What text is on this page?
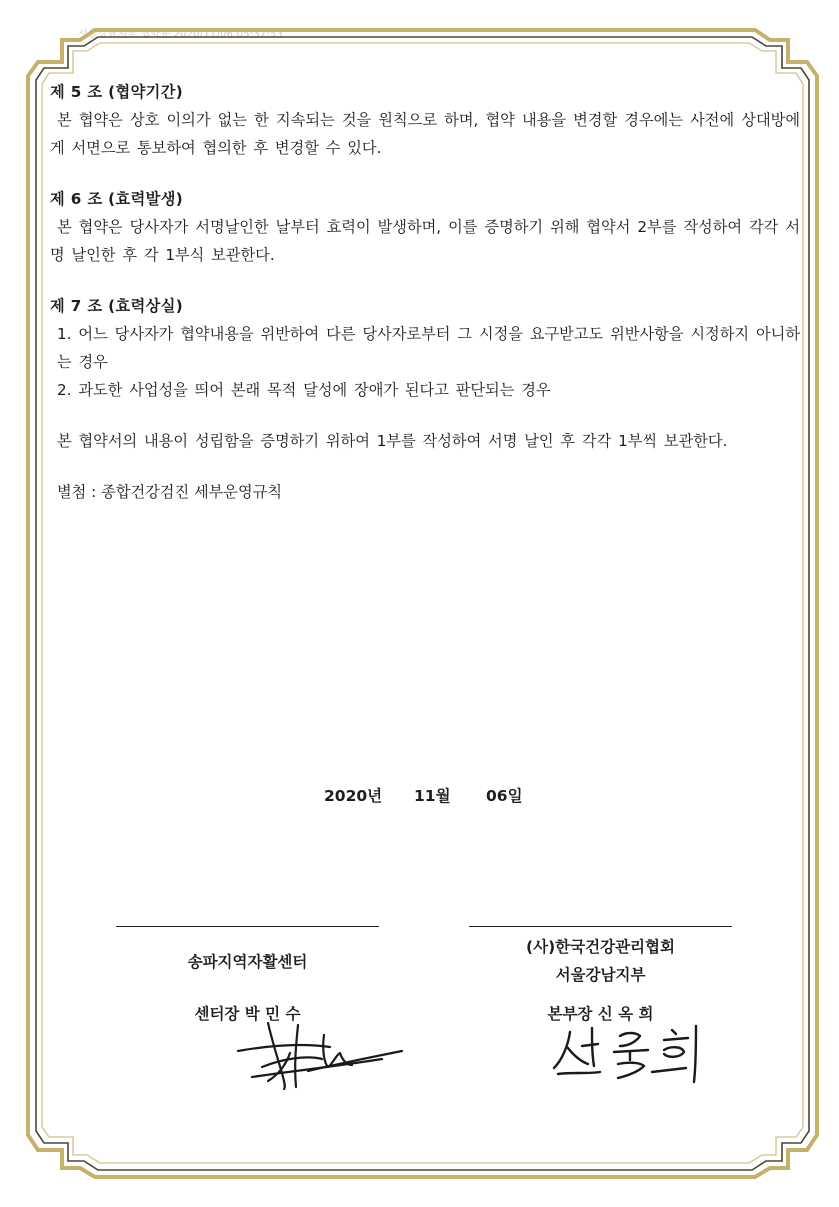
서울강남지부 협약용 2020/11/06 05:37:53
제 5 조 (협약기간)
본 협약은 상호 이의가 없는 한 지속되는 것을 원칙으로 하며, 협약 내용을 변경할 경우에는 사전에 상대방에게 서면으로 통보하여 협의한 후 변경할 수 있다.
제 6 조 (효력발생)
본 협약은 당사자가 서명날인한 날부터 효력이 발생하며, 이를 증명하기 위해 협약서 2부를 작성하여 각각 서명 날인한 후 각 1부식 보관한다.
제 7 조 (효력상실)
1. 어느 당사자가 협약내용을 위반하여 다른 당사자로부터 그 시정을 요구받고도 위반사항을 시정하지 아니하는 경우
2. 과도한 사업성을 띄어 본래 목적 달성에 장애가 된다고 판단되는 경우
본 협약서의 내용이 성립함을 증명하기 위하여 1부를 작성하여 서명 날인 후 각각 1부씩 보관한다.
별첨 : 종합건강검진 세부운영규칙
2020년 11월 06일
송파지역자활센터
센터장 박 민 수
(사)한국건강관리협회
서울강남지부
본부장 신 옥 희
